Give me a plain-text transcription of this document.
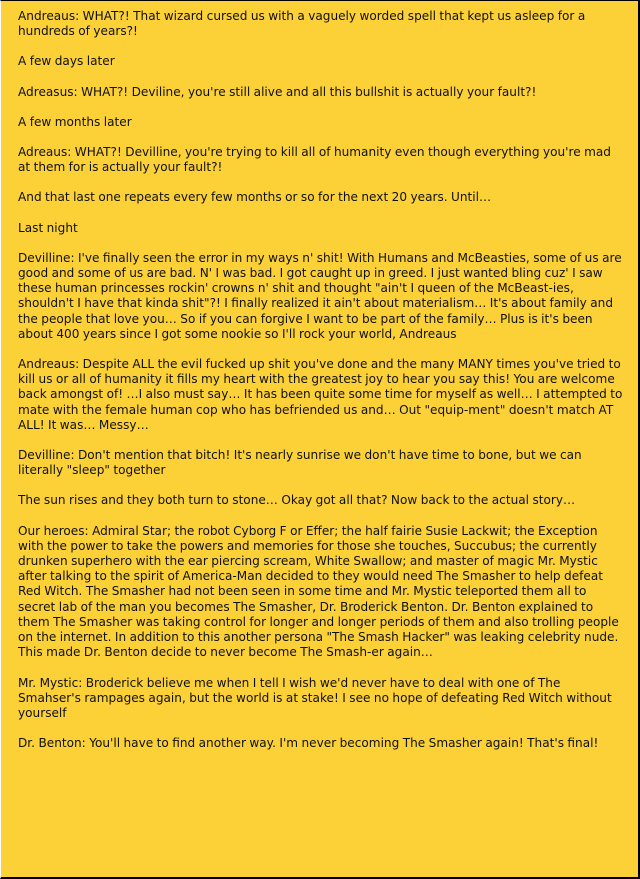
Andreaus: WHAT?! That wizard cursed us with a vaguely worded spell that kept us asleep for a hundreds of years?!

A few days later

Adreasus: WHAT?! Deviline, you're still alive and all this bullshit is actually your fault?!

A few months later

Adreaus: WHAT?! Devilline, you're trying to kill all of humanity even though everything you're mad at them for is actually your fault?!

And that last one repeats every few months or so for the next 20 years. Until…

Last night

Devilline: I've finally seen the error in my ways n' shit! With Humans and McBeasties, some of us are good and some of us are bad. N' I was bad. I got caught up in greed. I just wanted bling cuz' I saw these human princesses rockin' crowns n' shit and thought "ain't I queen of the McBeast-ies, shouldn't I have that kinda shit"?! I finally realized it ain't about materialism… It's about family and the people that love you… So if you can forgive I want to be part of the family… Plus is it's been about 400 years since I got some nookie so I'll rock your world, Andreaus

Andreaus: Despite ALL the evil fucked up shit you've done and the many MANY times you've tried to kill us or all of humanity it fills my heart with the greatest joy to hear you say this! You are welcome back amongst of! …I also must say… It has been quite some time for myself as well… I attempted to mate with the female human cop who has befriended us and… Out "equip-ment" doesn't match AT ALL! It was… Messy…

Devilline: Don't mention that bitch! It's nearly sunrise we don't have time to bone, but we can literally "sleep" together

The sun rises and they both turn to stone… Okay got all that? Now back to the actual story…

Our heroes: Admiral Star; the robot Cyborg F or Effer; the half fairie Susie Lackwit; the Exception with the power to take the powers and memories for those she touches, Succubus; the currently drunken superhero with the ear piercing scream, White Swallow; and master of magic Mr. Mystic after talking to the spirit of America-Man decided to they would need The Smasher to help defeat Red Witch. The Smasher had not been seen in some time and Mr. Mystic teleported them all to secret lab of the man you becomes The Smasher, Dr. Broderick Benton. Dr. Benton explained to them The Smasher was taking control for longer and longer periods of them and also trolling people on the internet. In addition to this another persona "The Smash Hacker" was leaking celebrity nude. This made Dr. Benton decide to never become The Smash-er again…

Mr. Mystic: Broderick believe me when I tell I wish we'd never have to deal with one of The Smahser's rampages again, but the world is at stake! I see no hope of defeating Red Witch without yourself

Dr. Benton: You'll have to find another way. I'm never becoming The Smasher again! That's final!
